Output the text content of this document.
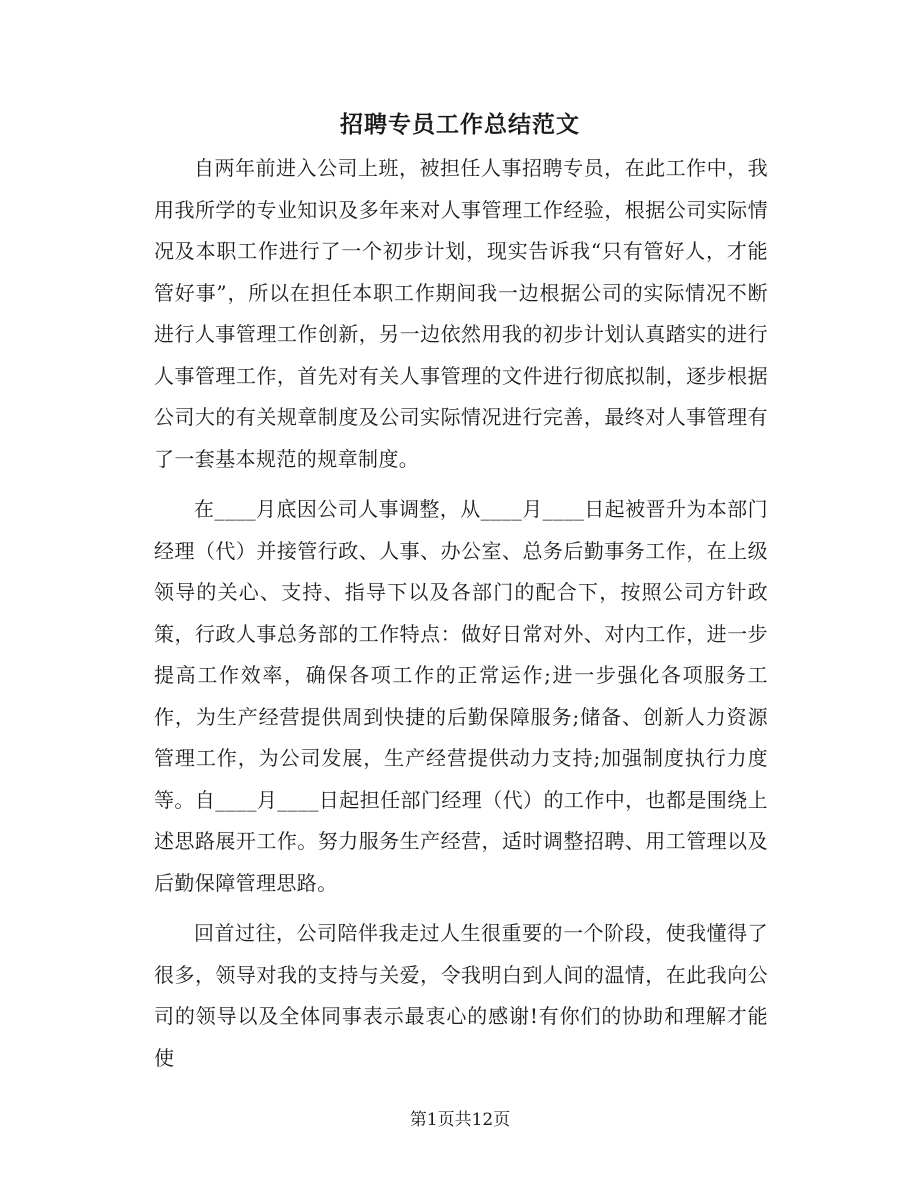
招聘专员工作总结范文

自两年前进入公司上班，被担任人事招聘专员，在此工作中，我用我所学的专业知识及多年来对人事管理工作经验，根据公司实际情况及本职工作进行了一个初步计划，现实告诉我“只有管好人，才能管好事”，所以在担任本职工作期间我一边根据公司的实际情况不断进行人事管理工作创新，另一边依然用我的初步计划认真踏实的进行人事管理工作，首先对有关人事管理的文件进行彻底拟制，逐步根据公司大的有关规章制度及公司实际情况进行完善，最终对人事管理有了一套基本规范的规章制度。

在____月底因公司人事调整，从____月____日起被晋升为本部门经理（代）并接管行政、人事、办公室、总务后勤事务工作，在上级领导的关心、支持、指导下以及各部门的配合下，按照公司方针政策，行政人事总务部的工作特点：做好日常对外、对内工作，进一步提高工作效率，确保各项工作的正常运作;进一步强化各项服务工作，为生产经营提供周到快捷的后勤保障服务;储备、创新人力资源管理工作，为公司发展，生产经营提供动力支持;加强制度执行力度等。自____月____日起担任部门经理（代）的工作中，也都是围绕上述思路展开工作。努力服务生产经营，适时调整招聘、用工管理以及后勤保障管理思路。

回首过往，公司陪伴我走过人生很重要的一个阶段，使我懂得了很多，领导对我的支持与关爱，令我明白到人间的温情，在此我向公司的领导以及全体同事表示最衷心的感谢!有你们的协助和理解才能使

第1页共12页
